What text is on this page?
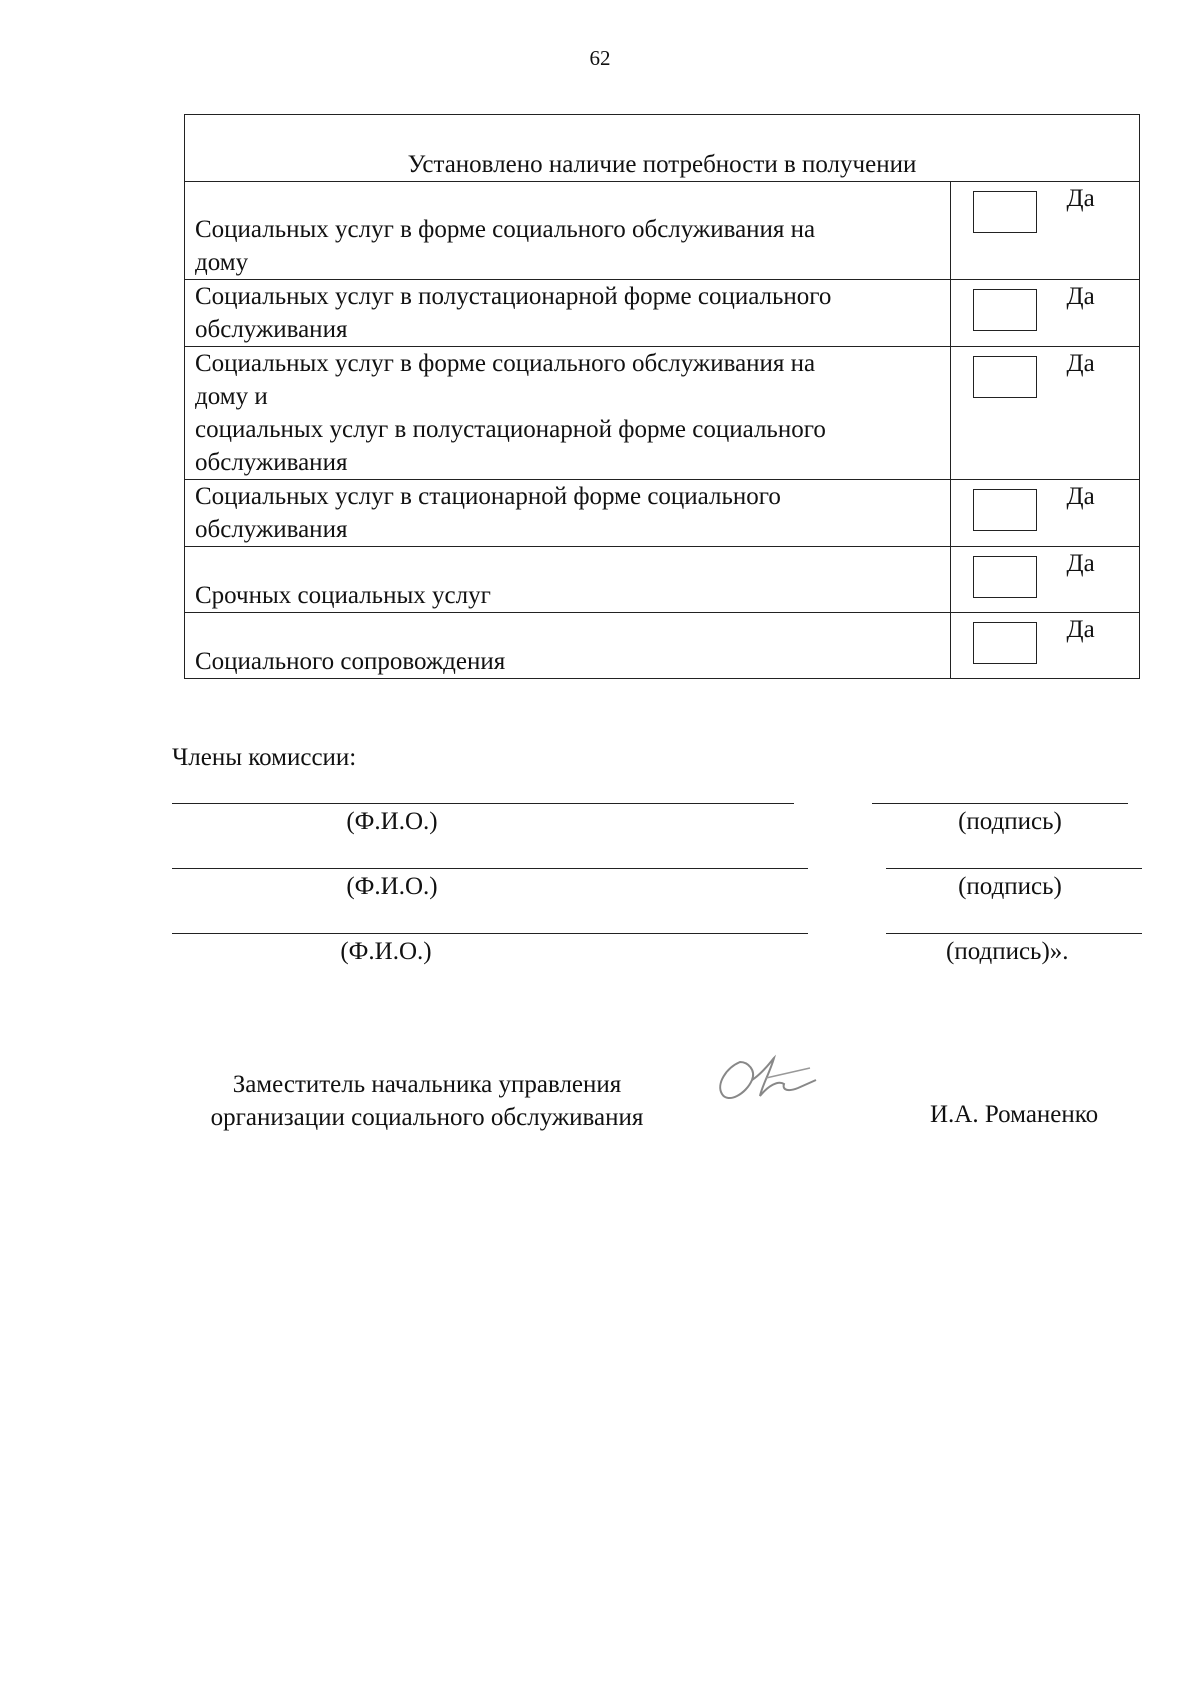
62
Установлено наличие потребности в получении	
Социальных услуг в форме социального обслуживания на
дому	Да

Социальных услуг в полустационарной форме социального
обслуживания	Да

Социальных услуг в форме социального обслуживания на
дому и
социальных услуг в полустационарной форме социального
обслуживания	Да

Социальных услуг в стационарной форме социального
обслуживания	Да

Срочных социальных услуг	Да

Социального сопровождения	Да
Члены комиссии:
(Ф.И.О.)	(подпись)
(Ф.И.О.)	(подпись)
(Ф.И.О.)	(подпись)».
Заместитель начальника управления
организации социального обслуживания	И.А. Романенко
